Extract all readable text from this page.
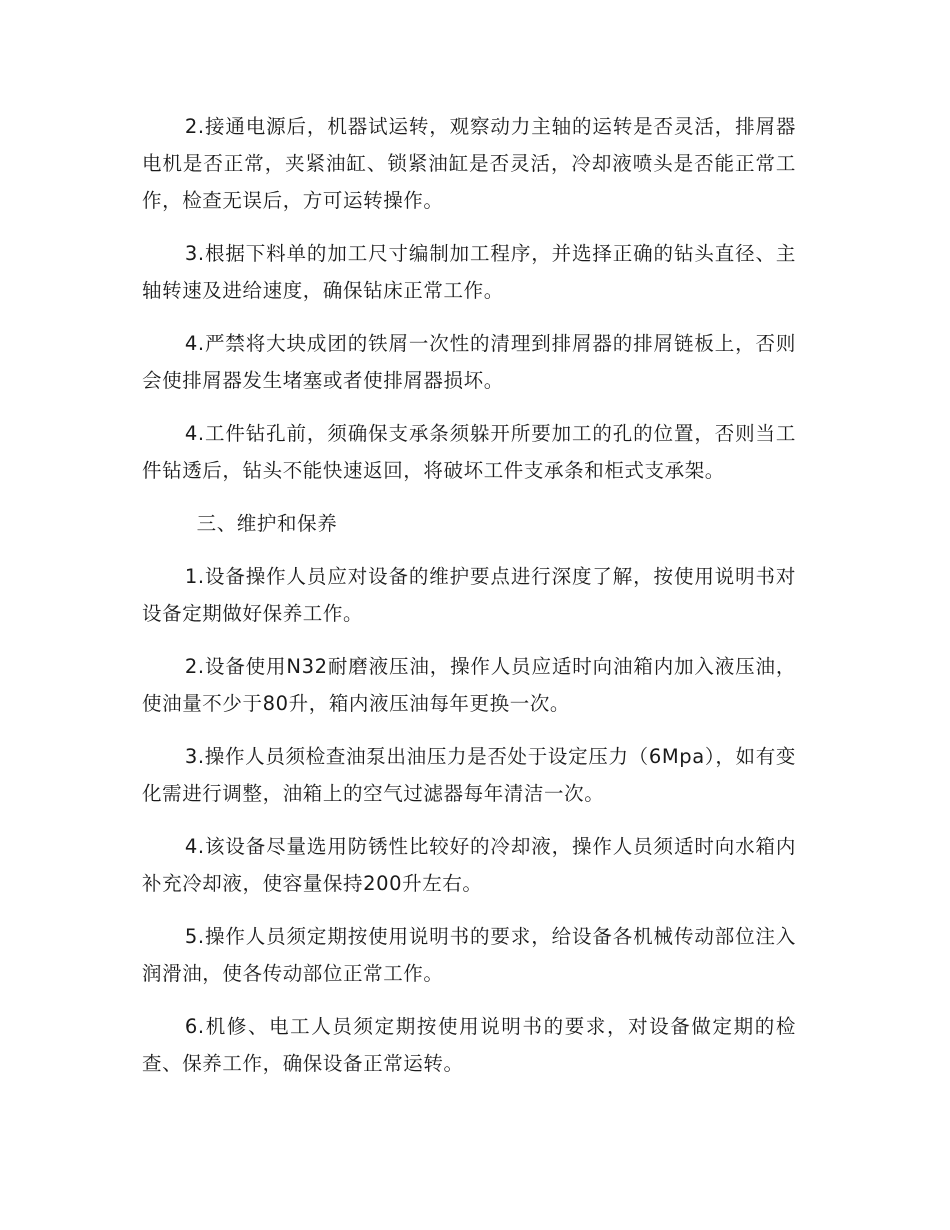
2.接通电源后，机器试运转，观察动力主轴的运转是否灵活，排屑器电机是否正常，夹紧油缸、锁紧油缸是否灵活，冷却液喷头是否能正常工作，检查无误后，方可运转操作。

3.根据下料单的加工尺寸编制加工程序，并选择正确的钻头直径、主轴转速及进给速度，确保钻床正常工作。

4.严禁将大块成团的铁屑一次性的清理到排屑器的排屑链板上，否则会使排屑器发生堵塞或者使排屑器损坏。

4.工件钻孔前，须确保支承条须躲开所要加工的孔的位置，否则当工件钻透后，钻头不能快速返回，将破坏工件支承条和柜式支承架。

三、维护和保养

1.设备操作人员应对设备的维护要点进行深度了解，按使用说明书对设备定期做好保养工作。

2.设备使用N32耐磨液压油，操作人员应适时向油箱内加入液压油，使油量不少于80升，箱内液压油每年更换一次。

3.操作人员须检查油泵出油压力是否处于设定压力（6Mpa），如有变化需进行调整，油箱上的空气过滤器每年清洁一次。

4.该设备尽量选用防锈性比较好的冷却液，操作人员须适时向水箱内补充冷却液，使容量保持200升左右。

5.操作人员须定期按使用说明书的要求，给设备各机械传动部位注入润滑油，使各传动部位正常工作。

6.机修、电工人员须定期按使用说明书的要求，对设备做定期的检查、保养工作，确保设备正常运转。
